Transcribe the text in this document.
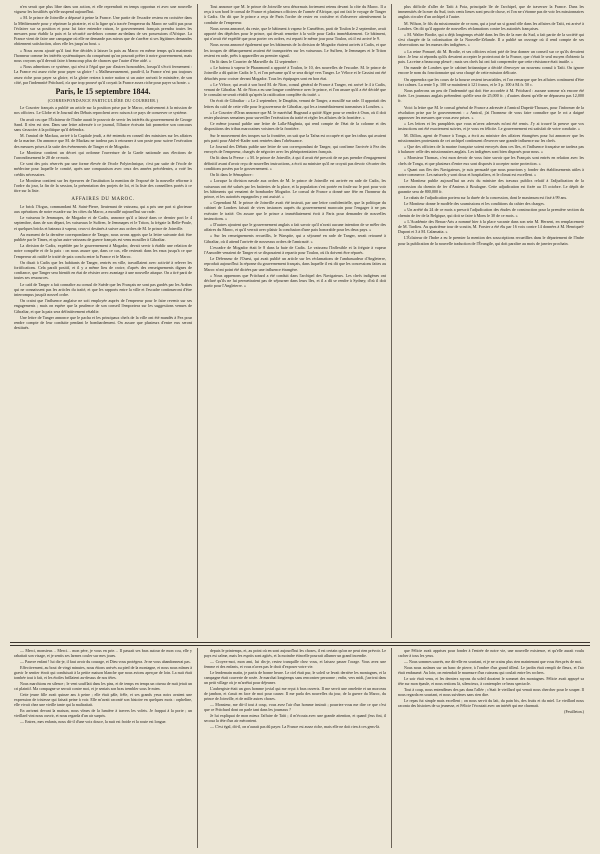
n'en serait que plus libre dans son action, et elle reprendrait en temps opportun et avec une nouvelle vigueur les hostilités qu'elle suspend aujourd'hui.

« M. le prince de Joinville a dépassé à peine la France. Une partie de l'escadre restera en croisière dans la Méditerranée pour y réprimer la piraterie, et si la ligne qu'a tracée l'empereur du Maroc ne suffit pas pour l'éclairer sur sa position et pour lui faire entendre raison, le gouvernement français prendra toutes les mesures pour établir la paix et la sécurité au-dehors comme au-dedans de ses possessions d'Afrique. La France vient de faire une campagne où elle ne demande pas mieux que de s'arrêter si ses légitimes demandes obtiennent satisfaction, alors elle les jusqu'au bout. »

« Nous avons ajouté qu'il faut être décidés à laisser la paix au Maroc en même temps qu'à maintenir l'honneur comme les intérêts systématiques du conquérant qu'on pourrait prêter à notre gouvernement, mais nous croyons qu'il devrait faire à beaucoup plus de chances que l'autre d'être aidé. »

« Nous admettons ce système, qui n'est à l'égal que par d'autres honorables, lorsqu'il s'écrit fermement : La France est assez riche pour payer sa gloire ! » Malheureusement, paraît-il, la France n'est pas toujours assez riche pour payer sa gloire, et la gloire restera à notre nation si un autre arrivait le ministère, de son côté, par l'indemnité Pritchard, n'a que trop prouvé qu'il croyait la France assez riche pour payer sa honte. »

Paris, le 15 septembre 1844.
(CORRESPONDANCE PARTICULIÈRE DU COURRIER.)

Le Courrier français a publié un article sur la position prise par le Maroc, relativement à la mission de nos officiers. Le Globe et le Journal des Débats reprochent avec raison à ce pays de conserver ce système.

On avait cru que l'Éclaireur de l'Indre aurait le pouvoir de servir les intérêts du gouvernement de George Sand. Il n'en est rien. Dans une lettre adressée à ce journal, l'illustre écrivain fait promettre son concours sans s'associer à la politique qu'il défendra.

M. l'amiral de Mackau, arrivé à la Capitale jeudi, a été entendu en conseil des ministres sur les affaires de la marine. On annonce que M. de Mackau ne tardera pas à retourner à son poste pour suivre l'exécution des mesures prises à la suite des événements de Tanger et de Mogador.

Le Moniteur contient un décret qui ordonne l'ouverture de la Garde nationale aux élections de l'arrondissement le 20 de ce mois.

Ce sont des prix réservés par une forme élevée de l'école Polytechnique, c'est par suite de l'école de médecine pour laquelle le comité, après une comparaison avec ceux des années précédentes, a voté les crédits nécessaires.

Le Moniteur contient sur les épreuves de l'institution la mention de l'exposé de la nouvelle réforme à l'ordre du jour, la fin de la session, la présentation des projets de loi, et la liste des conseillers portés à ce titre sur la liste.

AFFAIRES DU MAROC.

Le brick l'Argus, commandant M. Saint-Pierre, lieutenant de vaisseau, qui a pris une part si glorieuse aux opérations de notre escadre sur les côtes du Maroc, a mouillé aujourd'hui sur rade.

Le vaisseau le Jemmapes, de Mogador et de Cadix, annonce qu'il a laissé dans ce dernier port le 4 septembre, dans de son départ, les vaisseaux le Suffren, le Jemmapes et le Triton, la frégate la Belle-Poule, et quelques bricks et bateaux à vapeur, ceux-ci destinés à suivre aux ordres de M. le prince de Joinville.

Au moment de la dernière correspondance de Tanger, nous avons appris que la lettre suivante doit être publiée par le Times, et qu'un autre vaisseau de guerre français est venu mouiller à Gibraltar.

La division de Cadix, expédiée par le gouvernement à Mogador, devait servir à établir une relation de notre conquête et de la paix : on nous assure que, dans ce cas, elle resterait dans les eaux jusqu'à ce que l'empereur ait ratifié le traité de paix conclu entre la France et le Maroc.

On disait à Cadix que les habitants de Tanger, rentrés en ville, travaillaient avec activité à relever les fortifications. Cela paraît positif, et il y a même lieu de croire, d'après des renseignements dignes de confiance, que Tanger sera bientôt en état de résister avec avantage à une nouvelle attaque. On a tiré parti de toutes ses ressources.

Le caïd de Tanger a fait connaître au consul de Suède que les Français ne sont pas gardés par les Arabes qui ne connaissent pas les articles du traité, et que les rapports entre la ville et l'escadre continueront d'être interrompus jusqu'à nouvel ordre.

On craint que l'influence anglaise ne soit employée auprès de l'empereur pour le faire revenir sur ses engagements ; mais on espère que la prudence de son conseil l'emportera sur les suggestions venues de Gibraltar, et que la paix sera définitivement rétablie.

Une lettre de Tanger annonce que le pacha et les principaux chefs de la ville ont été mandés à Fez pour rendre compte de leur conduite pendant le bombardement. On assure que plusieurs d'entre eux seront destitués.

Tout annonce que M. le prince de Joinville sera désormais fortement retenu devant la côte du Maroc. Il a reçu à son bord le consul de France et plusieurs officiers de l'armée d'Afrique, qui ont fait le voyage de Tanger à Cadix. On dit que le prince a reçu de Paris l'ordre de rester en croisière et d'observer attentivement la conduite de l'empereur.

Nous avons annoncé, du reste, que le bâtiment à vapeur le Caméléon, parti de Toulon le 2 septembre, avait apporté des dépêches pour le prince, qui devait remettre à la voile pour Cadix immédiatement. Ce bâtiment, qui n'avait été expédié que pour porter ces ordres, est reparti le même jour pour Toulon, où il est arrivé le 9.

Nous avons annoncé également que les bâtiments de la division de Mogador étaient arrivés à Cadix, et que les troupes de débarquement avaient été transportées sur les vaisseaux. Le Suffren, le Jemmapes et le Triton restent en rade, prêts à appareiller au premier signal.

On lit dans le Courrier de Marseille du 12 septembre :

« Le bateau à vapeur le Pharamond a apporté à Toulon, le 10, des nouvelles de l'escadre. M. le prince de Joinville a dû quitter Cadix le 5, et l'on présume qu'il se sera dirigé vers Tanger. Le Véloce et le Cassini ont été détachés pour croiser devant Mogador. Tous les équipages sont en bon état.

« Le Véloce, qui avait à son bord M. de Nion, consul général de France à Tanger, est arrivé le 4 à Cadix, venant de Gibraltar. M. de Nion a eu une longue conférence avec le prince, et l'on assure qu'il a été décidé que le consulat ne serait rétabli qu'après la ratification complète du traité. »

On écrit de Gibraltar : « Le 2 septembre, le Dauphin, venant de Tanger, a mouillé sur rade. Il apportait des lettres du caïd de cette ville pour le gouverneur de Gibraltar, qui les a immédiatement transmises à Londres. »

« Le Courrier d'Oran annonce que M. le maréchal Bugeaud a quitté Alger pour se rendre à Oran, où il doit rester plusieurs semaines pour surveiller l'exécution du traité et régler les affaires de la frontière. »

Ce même journal publie une lettre de Lalla-Maghnia, qui rend compte de l'état de la colonne et des dispositions des tribus marocaines voisines de la frontière.

Sur le mouvement des troupes sur la frontière, on sait que la Tafna est occupée et que les tribus qui avaient pris parti pour Abd-el-Kader sont rentrées dans l'obéissance.

Le Journal des Débats publie une lettre de son correspondant de Tanger, qui confirme l'arrivée à Fez des envoyés de l'empereur, chargés de négocier avec les plénipotentiaires français.

On lit dans la Presse : « M. le prince de Joinville, à qui il avait été prescrit de ne pas prendre d'engagement définitif avant d'avoir reçu de nouvelles instructions, a écrit au ministre qu'il ne croyait pas devoir s'écarter des conditions posées par le gouvernement. »

On lit dans le Sémaphore :

« Lorsque la division navale aux ordres de M. le prince de Joinville est arrivée en rade de Cadix, les vaisseaux ont été salués par les batteries de la place, et la population s'est portée en foule sur le port pour voir les bâtiments qui venaient de bombarder Mogador. Le consul de France a donné une fête en l'honneur du prince, et les autorités espagnoles y ont assisté. »

« Cependant M. le prince de Joinville avait été instruit, par une lettre confidentielle, que la politique du cabinet de Londres faisait de vives instances auprès du gouvernement marocain pour l'engager à ne pas exécuter le traité. On assure que le prince a immédiatement écrit à Paris pour demander de nouvelles instructions. »

« D'autres ajoutent que le gouvernement anglais a fait savoir qu'il n'avait aucune intention de se mêler des affaires du Maroc, et qu'il verrait avec plaisir la conclusion d'une paix honorable pour les deux pays. »

« Sur les renseignements recueillis, le Warspite, qui a séjourné en rade de Tanger, serait retourné à Gibraltar, où il attend l'arrivée de nouveaux ordres de l'amirauté. »

L'escadre de Mogador était le 8 dans la baie de Cadix. Le vaisseau l'Inflexible et la frégate à vapeur l'Asmodée venaient de Tanger et se disposaient à repartir pour Toulon, où ils doivent être réparés.

Le Défenseur de l'Ouest, qui avait publié un article sur les réclamations de l'ambassadeur d'Angleterre, reproduit aujourd'hui la réponse du gouvernement français, dans laquelle il est dit que les concessions faites au Maroc n'ont point été dictées par une influence étrangère.

« Nous apprenons que Pritchard a été conduit dans l'archipel des Navigateurs. Les chefs indigènes ont déclaré qu'ils ne lui permettraient pas de séjourner dans leurs îles, et il a dû se rendre à Sydney, d'où il doit partir pour l'Angleterre. »

plus difficile d'aller de Taïti à Poia, principale île de l'archipel, que de traverser la France. Dans les immensités de la mer du Sud, trois cents lieues sont peu de chose, et l'on ne s'étonne pas de voir les missionnaires anglais circuler d'un archipel à l'autre.

M. Wilson, le fils du missionnaire de ce nom, qui a joué un si grand rôle dans les affaires de Taïti, est arrivé à Londres. On dit qu'il apporte de nouvelles réclamations contre les autorités françaises.

« M. Walter Brodie, qui a déjà longtemps résidé dans les îles de la mer du Sud, a fait partie de la société qui s'est chargée de la colonisation de la Nouvelle-Zélande. Il a publié un ouvrage où il rend compte de ses observations sur les mœurs des indigènes. »

« La reine Pomaré, dit M. Brodie, et ses officiers m'ont prié de leur donner un conseil sur ce qu'ils devaient faire. Je leur ai répondu qu'ils devaient accepter le protectorat de la France, que c'était le seul moyen d'obtenir la paix. La reine a beaucoup pleuré ; mais ses chefs lui ont fait comprendre que cette résistance était inutile. »

On mande de Londres que le cabinet britannique a décidé d'envoyer un nouveau consul à Taïti. On ignore encore le nom du fonctionnaire qui sera chargé de cette mission délicate.

On apprendra que les cours de la bourse restent invariables, et l'on remarque que les affaires continuent d'être fort calmes. La rente 5 p. 100 se maintient à 121 francs, et le 3 p. 100 à 84 fr. 50 c.

Nous parlerons un peu de l'indemnité qui doit être accordée à M. Pritchard : aucune somme n'a encore été fixée. Les journaux anglais prétendent qu'elle sera de 25,000 fr. ; d'autres disent qu'elle ne dépassera pas 12,000 fr.

Voici la lettre que M. le consul général de France a adressée à l'amiral Dupetit-Thouars, pour l'informer de la résolution prise par le gouvernement : « Amiral, j'ai l'honneur de vous faire connaître que le roi a daigné approuver les mesures que vous avez prises. »

« Les lettres et les pamphlets que vous m'avez adressés m'ont été remis. J'y ai trouvé la preuve que vos instructions ont été exactement suivies, et je vous en félicite. Le gouvernement est satisfait de votre conduite. »

M. Dillon, agent de France à Tonga, a écrit au ministre des affaires étrangères pour lui annoncer que les missionnaires protestants de cet archipel continuent d'exercer une grande influence sur les chefs.

« Que des officiers de la marine française soient envoyés dans ces îles, et l'influence française ne tardera pas à balancer celle des missionnaires anglais. Les indigènes sont bien disposés pour nous. »

« Monsieur Thomas, c'est mon devoir de vous faire savoir que les Français sont entrés en relation avec les chefs de Tonga, et que plusieurs d'entre eux sont disposés à accepter notre protection. »

« Quant aux îles des Navigateurs, je suis persuadé que nous pourrions y fonder des établissements utiles à notre commerce. Les naturels y sont doux et hospitaliers, et le climat est excellent. »

Le Moniteur publie aujourd'hui un avis du ministre des travaux publics relatif à l'adjudication de la concession du chemin de fer d'Amiens à Boulogne. Cette adjudication est fixée au 15 octobre. Le dépôt de garantie sera de 800,000 fr.

Le rabais de l'adjudication portera sur la durée de la concession, dont le maximum est fixé à 99 ans.

Le Moniteur donne le modèle des soumissions et les conditions du cahier des charges.

« Un arrêté du 24 de ce mois a prescrit l'adjudication des études de construction pour la première section du chemin de fer de la Belgique, qui doit se faire à Mons le 30 de ce mois. »

« L'Académie des Beaux-Arts a nommé hier à la place vacante dans son sein M. Hersent, en remplacement de M. Tardieu. Au quatrième tour de scrutin, M. Forster a été élu par 16 voix contre 14 données à M. Henriquel-Dupont et 3 à M. Calamatta. »

L'Éclaireur de l'Indre a eu le premier la mention des souscriptions recueillies dans le département de l'Indre pour la publication de la nouvelle traduction de l'Évangile, qui doit paraître au mois de janvier prochain.

— Merci, monsieur… Merci… mon père, je vous en prie… Il passait ses bras autour de mon cou, elle y rabattait son visage, et je sentis ses larmes couler sur mes joues.

— Pauvre enfant ! lui dis-je, il faut avoir du courage, et Dieu vous protégera. Je ne vous abandonnerai pas.

Effectivement, au bout de vingt minutes, nous étions arrivés au pied de la montagne, et nous nous mîmes à gravir le sentier étroit qui conduisait à la petite maison blanche que nous avions aperçue de loin. La nuit était tombée tout à fait, et les étoiles brillaient au-dessus de nos têtes.

Nous marchions en silence ; le vent soufflait dans les pins, et de temps en temps un oiseau de nuit jetait un cri plaintif. Ma compagne se serrait contre moi, et je sentais son bras trembler sous le mien.

Cette jeune fille avait quinze ans à peine ; elle était pâle, frêle, et ses grands yeux noirs avaient une expression de tristesse qui faisait peine à voir. Elle m'avait raconté son histoire en quelques mots : orpheline, elle vivait chez une vieille tante qui la maltraitait.

En arrivant devant la maison, nous vîmes de la lumière à travers les volets. Je frappai à la porte ; un vieillard vint nous ouvrir, et nous regarda d'un air surpris.

— Entrez, mes enfants, nous dit-il d'une voix douce, la nuit est froide et la route est longue.

depuis le printemps, et, au point où en sont aujourd'hui les choses, il est certain qu'on ne peut rien prévoir. Le pays est calme, mais les esprits sont agités, et la moindre étincelle pourrait allumer un grand incendie.

— Croyez-moi, mon ami, lui dis-je, restez tranquille chez vous, et laissez passer l'orage. Vous avez une femme et des enfants, et vous n'avez pas le droit d'exposer votre vie.

Le lendemain matin, je partis de bonne heure. Le ciel était pur, le soleil se levait derrière les montagnes, et la campagne était couverte de rosée. Je marchai longtemps sans rencontrer personne ; enfin, vers midi, j'arrivai dans un petit village où je m'arrêtai pour déjeuner.

L'aubergiste était un gros homme jovial qui me reçut à bras ouverts. Il me servit une omelette et un morceau de jambon, et s'assit en face de moi pour causer. Il me parla des nouvelles du jour, de la guerre du Maroc, du prince de Joinville, et de mille autres choses.

— Monsieur, me dit-il tout à coup, vous avez l'air d'un homme instruit ; pourriez-vous me dire ce que c'est que ce Pritchard dont on parle tant dans les journaux ?

Je lui expliquai de mon mieux l'affaire de Taïti ; il m'écouta avec une grande attention, et quand j'eus fini, il secoua la tête d'un air mécontent.

— C'est égal, dit-il, on n'aurait pas dû payer. La France est assez riche, mais elle ne doit rien à ces gens-là.

que Félicie avait apprises pour fonder à l'entrée de notre vie, une nouvelle existence, et qu'elle aurait voulu cacher à tous les yeux.

— Nous sommes sauvés, me dit-elle en souriant, et je ne crains plus rien maintenant que vous êtes près de moi.

Nous nous assîmes sur un banc de pierre, à l'ombre d'un grand tilleul. Le jardin était rempli de fleurs, et l'air était embaumé. Au loin, on entendait le murmure d'un ruisseau qui coulait entre les rochers.

Le soir était venu, et les derniers rayons du soleil doraient le sommet des montagnes. Félicie avait appuyé sa tête sur mon épaule, et nous restions là, silencieux, à contempler ce beau spectacle.

Tout à coup, nous entendîmes des pas dans l'allée ; c'était le vieillard qui venait nous chercher pour le souper. Il nous regarda en souriant, et nous suivîmes sans rien dire.

Le repas fut simple mais excellent ; on nous servit du lait, du pain bis, des fruits et du miel. Le vieillard nous raconta des histoires de sa jeunesse, et Félicie l'écoutait avec un intérêt qui me charmait.

(Feuilleton.)
